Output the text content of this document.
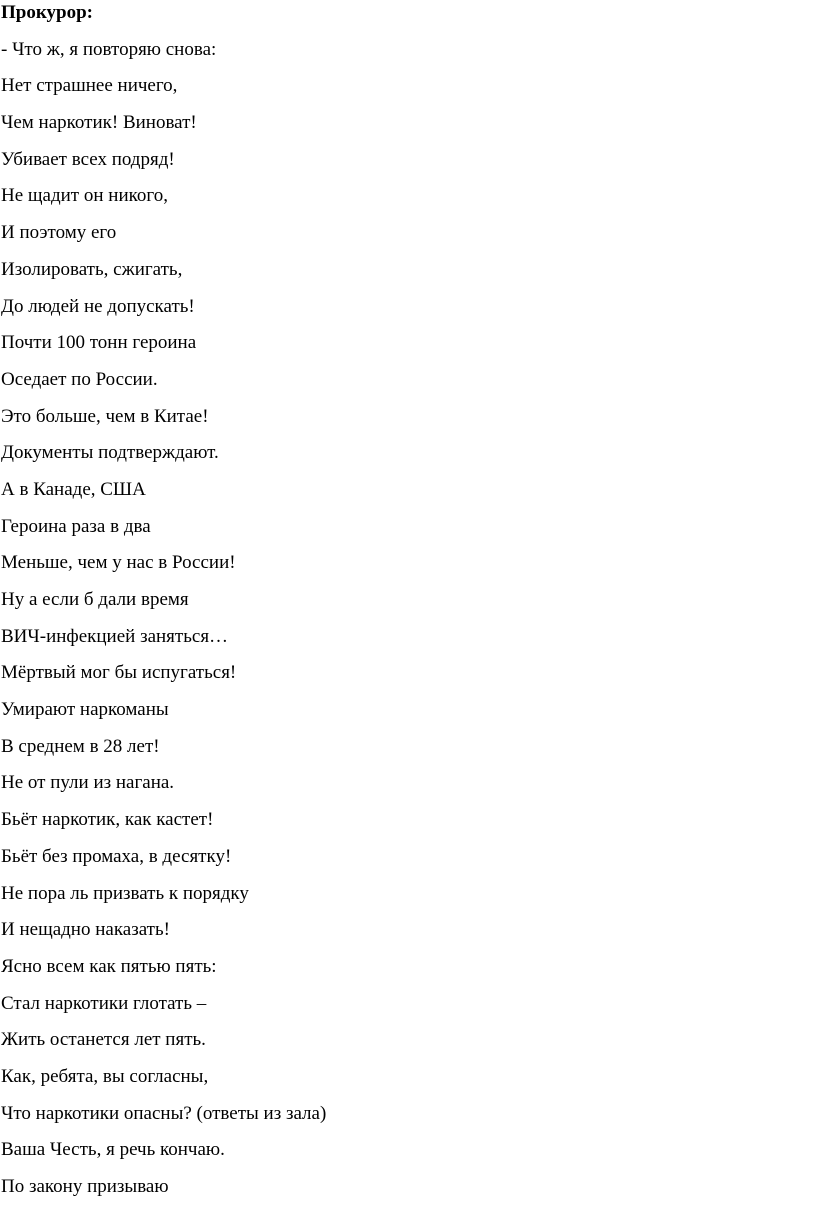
Прокурор:

- Что ж, я повторяю снова:

Нет страшнее ничего,

Чем наркотик! Виноват!

Убивает всех подряд!

Не щадит он никого,

И поэтому его

Изолировать, сжигать,

До людей не допускать!

Почти 100 тонн героина

Оседает по России.

Это больше, чем в Китае!

Документы подтверждают.

А в Канаде, США

Героина раза в два

Меньше, чем у нас в России!

Ну а если б дали время

ВИЧ-инфекцией заняться…

Мёртвый мог бы испугаться!

Умирают наркоманы

В среднем в 28 лет!

Не от пули из нагана.

Бьёт наркотик, как кастет!

Бьёт без промаха, в десятку!

Не пора ль призвать к порядку

И нещадно наказать!

Ясно всем как пятью пять:

Стал наркотики глотать –

Жить останется лет пять.

Как, ребята, вы согласны,

Что наркотики опасны? (ответы из зала)

Ваша Честь, я речь кончаю.

По закону призываю
